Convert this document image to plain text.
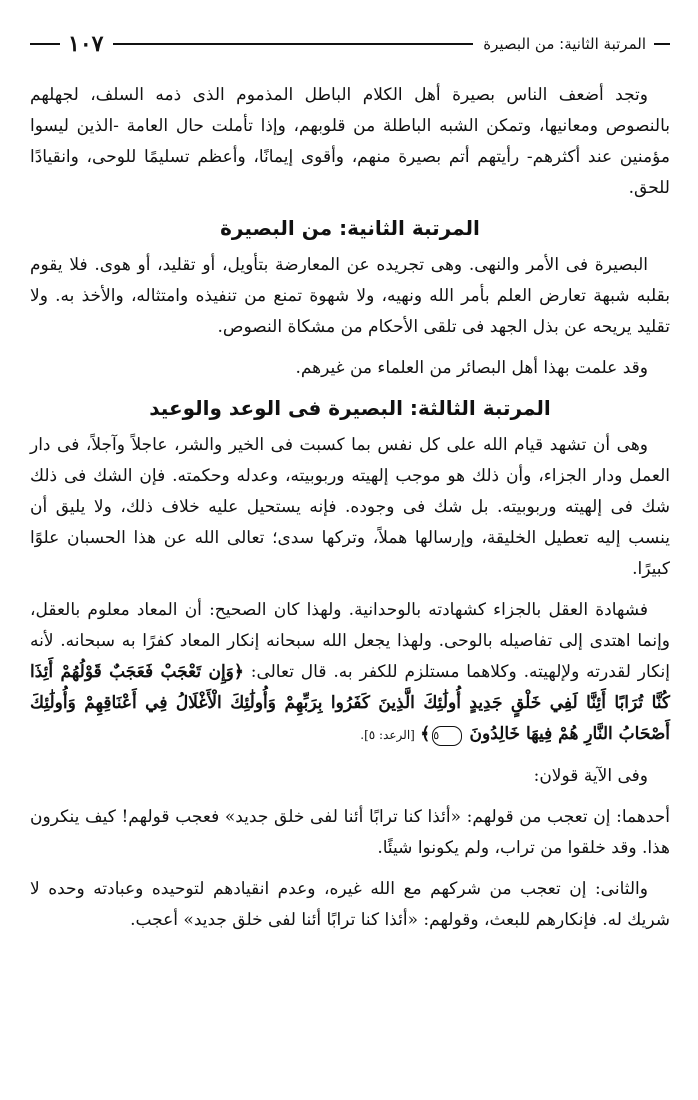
المرتبة الثانية: من البصيرة
١٠٧

وتجد أضعف الناس بصيرة أهل الكلام الباطل المذموم الذى ذمه السلف، لجهلهم بالنصوص ومعانيها، وتمكن الشبه الباطلة من قلوبهم، وإذا تأملت حال العامة -الذين ليسوا مؤمنين عند أكثرهم- رأيتهم أتم بصيرة منهم، وأقوى إيمانًا، وأعظم تسليمًا للوحى، وانقيادًا للحق.

المرتبة الثانية: من البصيرة

البصيرة فى الأمر والنهى. وهى تجريده عن المعارضة بتأويل، أو تقليد، أو هوى. فلا يقوم بقلبه شبهة تعارض العلم بأمر الله ونهيه، ولا شهوة تمنع من تنفيذه وامتثاله، والأخذ به. ولا تقليد يريحه عن بذل الجهد فى تلقى الأحكام من مشكاة النصوص.

وقد علمت بهذا أهل البصائر من العلماء من غيرهم.

المرتبة الثالثة: البصيرة فى الوعد والوعيد

وهى أن تشهد قيام الله على كل نفس بما كسبت فى الخير والشر، عاجلاً وآجلاً، فى دار العمل ودار الجزاء، وأن ذلك هو موجب إلهيته وربوبيته، وعدله وحكمته. فإن الشك فى ذلك شك فى إلهيته وربوبيته. بل شك فى وجوده. فإنه يستحيل عليه خلاف ذلك، ولا يليق أن ينسب إليه تعطيل الخليقة، وإرسالها هملاً، وتركها سدى؛ تعالى الله عن هذا الحسبان علوًا كبيرًا.

فشهادة العقل بالجزاء كشهادته بالوحدانية. ولهذا كان الصحيح: أن المعاد معلوم بالعقل، وإنما اهتدى إلى تفاصيله بالوحى. ولهذا يجعل الله سبحانه إنكار المعاد كفرًا به سبحانه. لأنه إنكار لقدرته ولإلهيته. وكلاهما مستلزم للكفر به. قال تعالى: ﴿وَإِن تَعْجَبْ فَعَجَبٌ قَوْلُهُمْ أَئِذَا كُنَّا تُرَابًا أَئِنَّا لَفِي خَلْقٍ جَدِيدٍ أُولَٰئِكَ الَّذِينَ كَفَرُوا بِرَبِّهِمْ وَأُولَٰئِكَ الْأَغْلَالُ فِي أَعْنَاقِهِمْ وَأُولَٰئِكَ أَصْحَابُ النَّارِ هُمْ فِيهَا خَالِدُونَ ٥﴾ [الرعد: ٥].

وفى الآية قولان:

أحدهما: إن تعجب من قولهم: «أئذا كنا ترابًا أئنا لفى خلق جديد» فعجب قولهم! كيف ينكرون هذا. وقد خلقوا من تراب، ولم يكونوا شيئًا.

والثانى: إن تعجب من شركهم مع الله غيره، وعدم انقيادهم لتوحيده وعبادته وحده لا شريك له. فإنكارهم للبعث، وقولهم: «أئذا كنا ترابًا أئنا لفى خلق جديد» أعجب.
